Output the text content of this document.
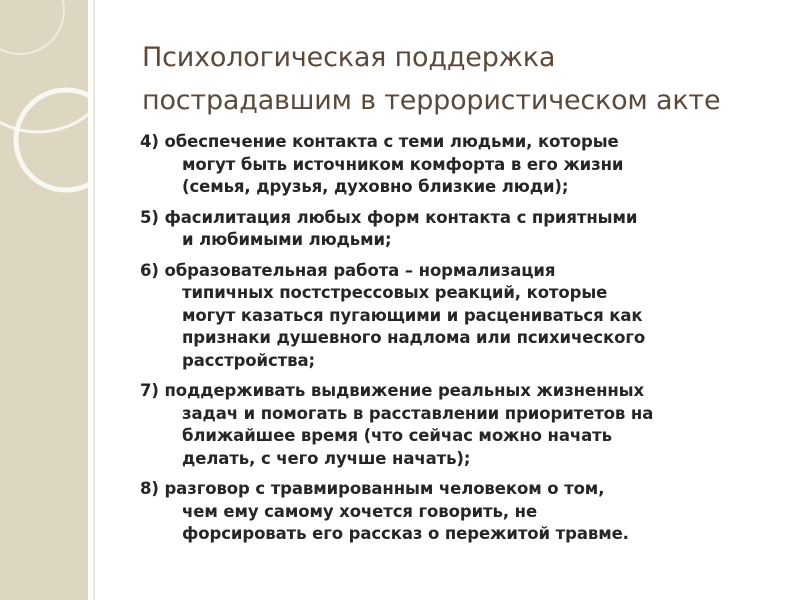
Психологическая поддержка
пострадавшим в террористическом акте
4) обеспечение контакта с теми людьми, которые
могут быть источником комфорта в его жизни
(семья, друзья, духовно близкие люди);
5) фасилитация любых форм контакта с приятными
и любимыми людьми;
6) образовательная работа – нормализация
типичных постстрессовых реакций, которые
могут казаться пугающими и расцениваться как
признаки душевного надлома или психического
расстройства;
7) поддерживать выдвижение реальных жизненных
задач и помогать в расставлении приоритетов на
ближайшее время (что сейчас можно начать
делать, с чего лучше начать);
8) разговор с травмированным человеком о том,
чем ему самому хочется говорить, не
форсировать его рассказ о пережитой травме.
